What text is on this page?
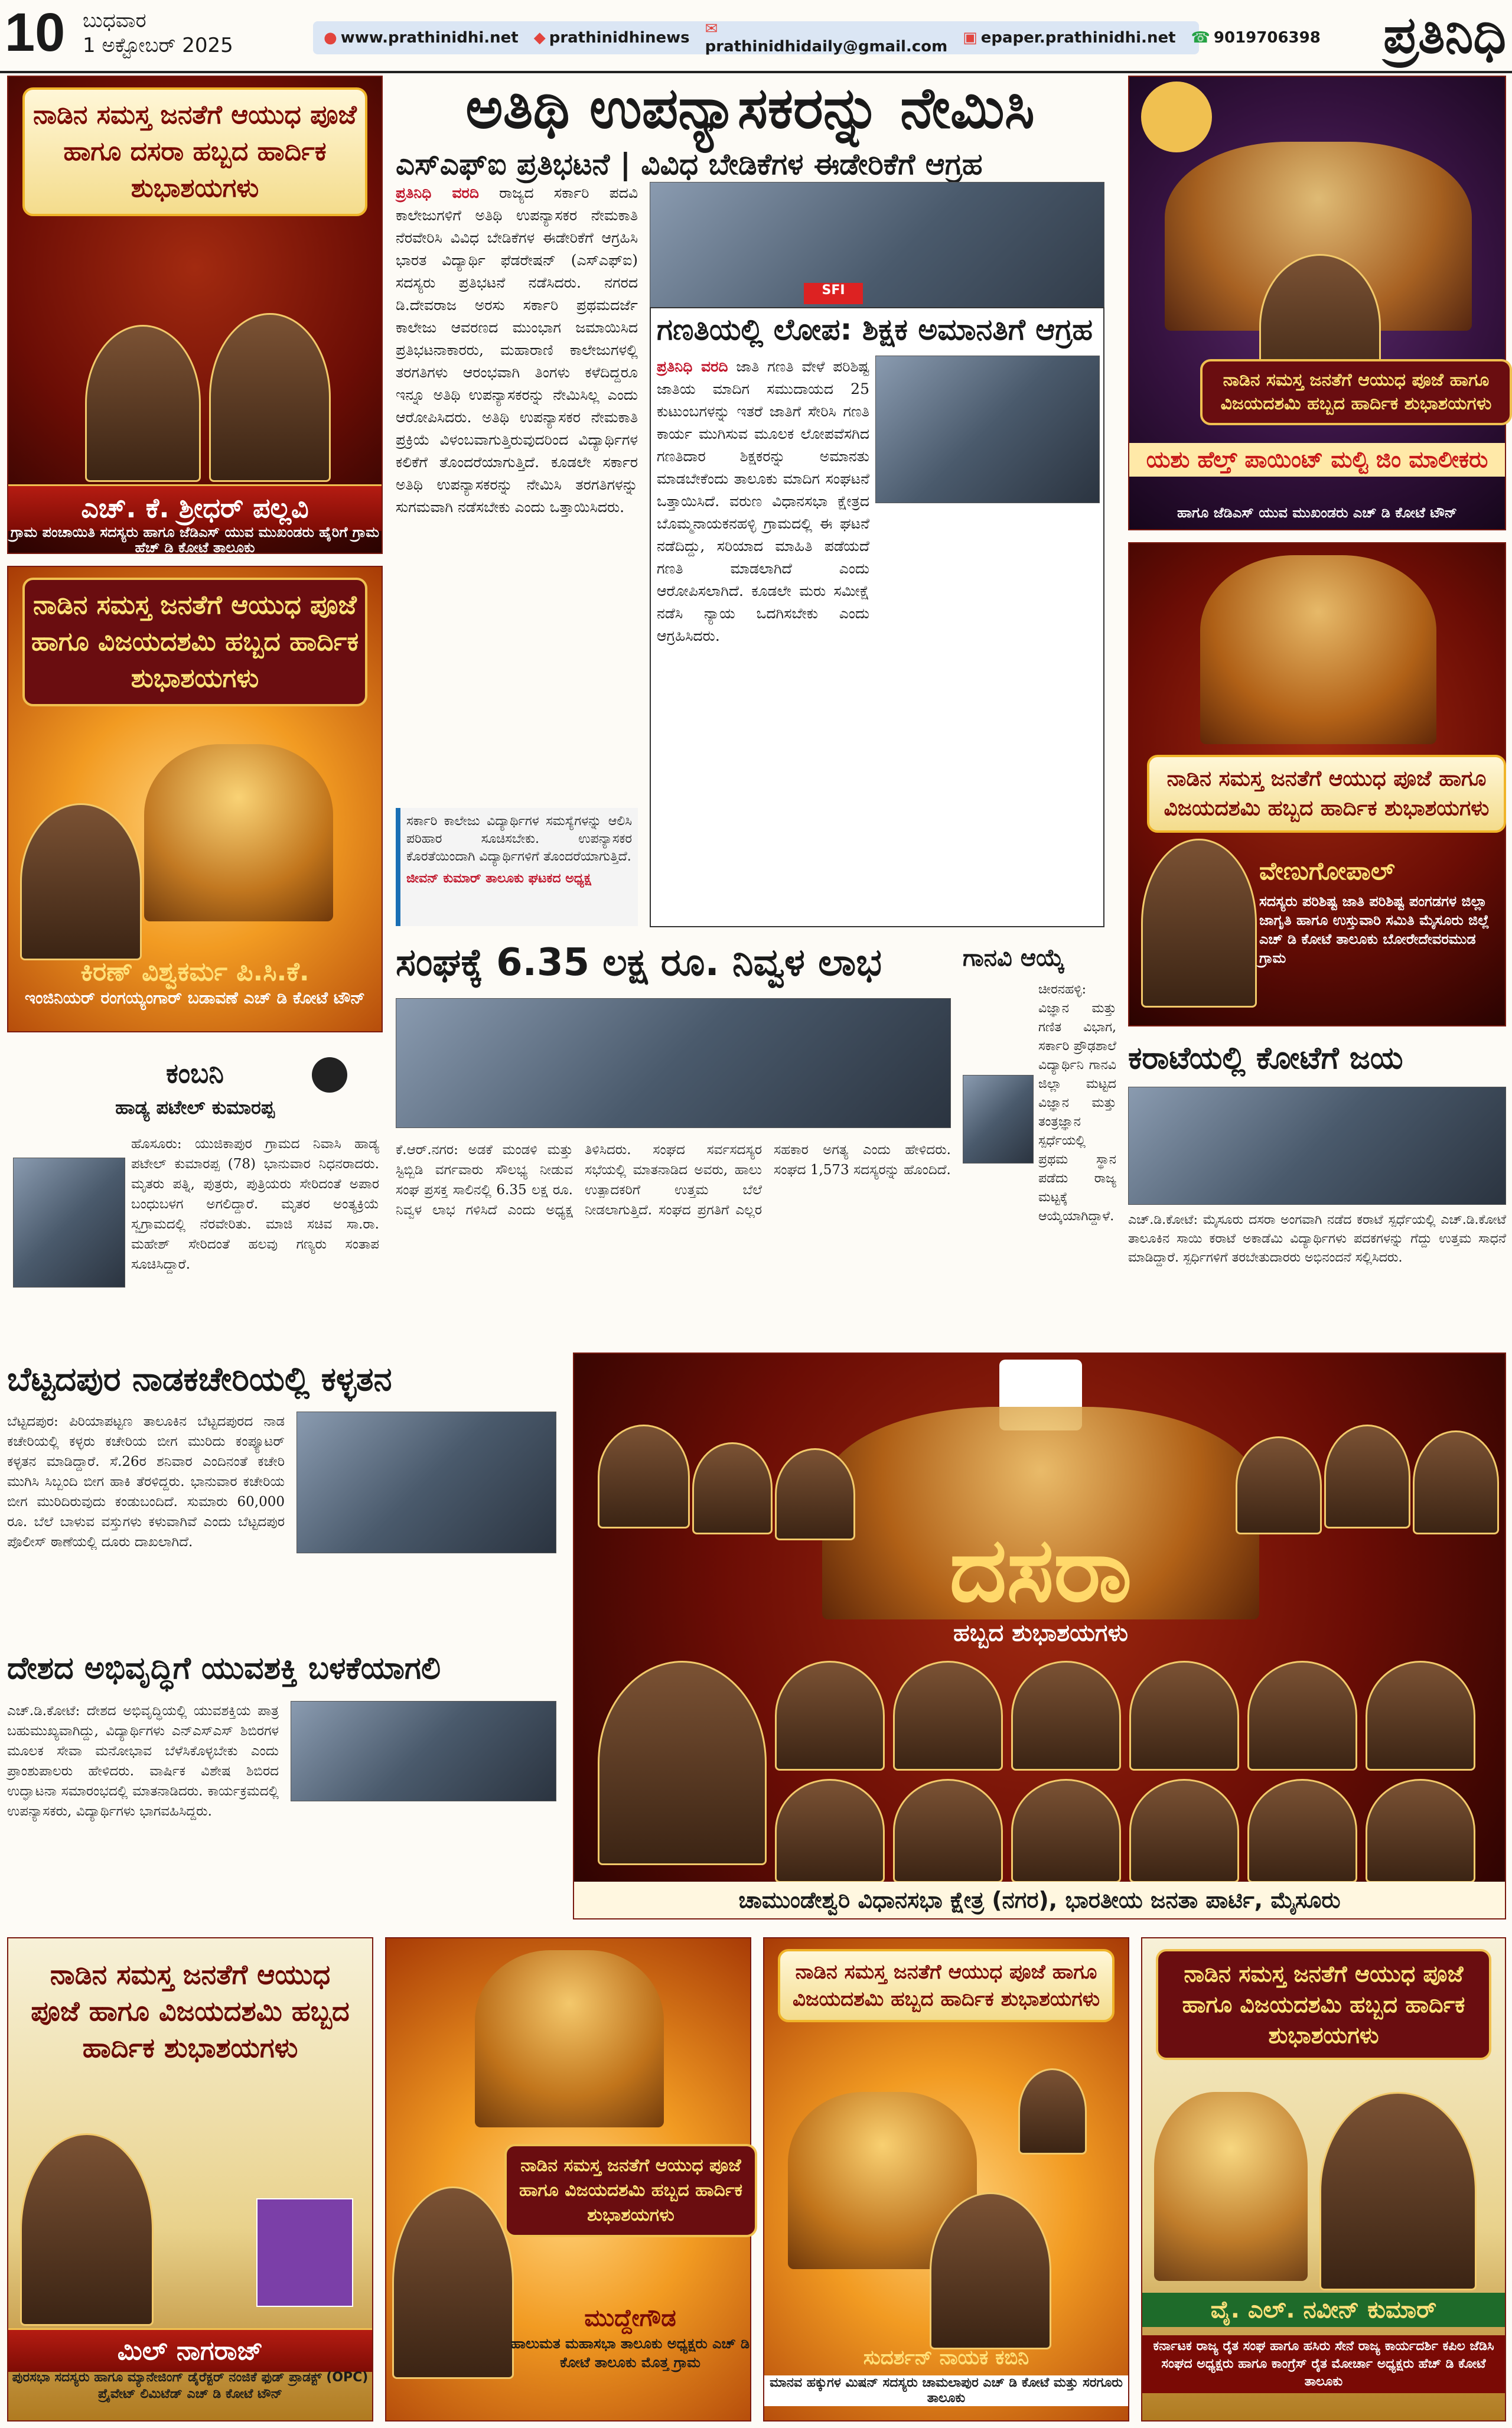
10 ಬುಧವಾರ
1 ಅಕ್ಟೋಬರ್ 2025	● www.prathinidhi.net ◆ prathinidhinews ✉prathinidhidaily@gmail.com ▣ epaper.prathinidhi.net ☎ 9019706398	ಪ್ರತಿನಿಧಿ
ನಾಡಿನ ಸಮಸ್ತ ಜನತೆಗೆ ಆಯುಧ ಪೂಜೆ ಹಾಗೂ ದಸರಾ ಹಬ್ಬದ ಹಾರ್ದಿಕ ಶುಭಾಶಯಗಳು
ಎಚ್. ಕೆ. ಶ್ರೀಧರ್ ಪಲ್ಲವಿ
ಗ್ರಾಮ ಪಂಚಾಯಿತಿ ಸದಸ್ಯರು ಹಾಗೂ ಜೆಡಿಎಸ್ ಯುವ ಮುಖಂಡರು ಹೈರಿಗೆ ಗ್ರಾಮ ಹೆಚ್ ಡಿ ಕೋಟೆ ತಾಲೂಕು
ನಾಡಿನ ಸಮಸ್ತ ಜನತೆಗೆ ಆಯುಧ ಪೂಜೆ ಹಾಗೂ ವಿಜಯದಶಮಿ ಹಬ್ಬದ ಹಾರ್ದಿಕ ಶುಭಾಶಯಗಳು
ಕಿರಣ್ ವಿಶ್ವಕರ್ಮ ಪಿ.ಸಿ.ಕೆ.
ಇಂಜಿನಿಯರ್ ರಂಗಯ್ಯಂಗಾರ್ ಬಡಾವಣೆ ಎಚ್ ಡಿ ಕೋಟೆ ಟೌನ್
ಅತಿಥಿ ಉಪನ್ಯಾಸಕರನ್ನು ನೇಮಿಸಿ
ಎಸ್‌ಎಫ್‌ಐ ಪ್ರತಿಭಟನೆ | ವಿವಿಧ ಬೇಡಿಕೆಗಳ ಈಡೇರಿಕೆಗೆ ಆಗ್ರಹ
ಪ್ರತಿನಿಧಿ ವರದಿ ರಾಜ್ಯದ ಸರ್ಕಾರಿ ಪದವಿ ಕಾಲೇಜುಗಳಿಗೆ ಅತಿಥಿ ಉಪನ್ಯಾಸಕರ ನೇಮಕಾತಿ ನೆರವೇರಿಸಿ ವಿವಿಧ ಬೇಡಿಕೆಗಳ ಈಡೇರಿಕೆಗೆ ಆಗ್ರಹಿಸಿ ಭಾರತ ವಿದ್ಯಾರ್ಥಿ ಫೆಡರೇಷನ್ (ಎಸ್‌ಎಫ್‌ಐ) ಸದಸ್ಯರು ಪ್ರತಿಭಟನೆ ನಡೆಸಿದರು. ನಗರದ ಡಿ.ದೇವರಾಜ ಅರಸು ಸರ್ಕಾರಿ ಪ್ರಥಮದರ್ಜೆ ಕಾಲೇಜು ಆವರಣದ ಮುಂಭಾಗ ಜಮಾಯಿಸಿದ ಪ್ರತಿಭಟನಾಕಾರರು, ಮಹಾರಾಣಿ ಕಾಲೇಜುಗಳಲ್ಲಿ ತರಗತಿಗಳು ಆರಂಭವಾಗಿ ತಿಂಗಳು ಕಳೆದಿದ್ದರೂ ಇನ್ನೂ ಅತಿಥಿ ಉಪನ್ಯಾಸಕರನ್ನು ನೇಮಿಸಿಲ್ಲ ಎಂದು ಆರೋಪಿಸಿದರು. ಅತಿಥಿ ಉಪನ್ಯಾಸಕರ ನೇಮಕಾತಿ ಪ್ರಕ್ರಿಯೆ ವಿಳಂಬವಾಗುತ್ತಿರುವುದರಿಂದ ವಿದ್ಯಾರ್ಥಿಗಳ ಕಲಿಕೆಗೆ ತೊಂದರೆಯಾಗುತ್ತಿದೆ. ಕೂಡಲೇ ಸರ್ಕಾರ ಅತಿಥಿ ಉಪನ್ಯಾಸಕರನ್ನು ನೇಮಿಸಿ ತರಗತಿಗಳನ್ನು ಸುಗಮವಾಗಿ ನಡೆಸಬೇಕು ಎಂದು ಒತ್ತಾಯಿಸಿದರು.
SFI
ಸರ್ಕಾರಿ ಕಾಲೇಜು ವಿದ್ಯಾರ್ಥಿಗಳ ಸಮಸ್ಯೆಗಳನ್ನು ಆಲಿಸಿ ಪರಿಹಾರ ಸೂಚಿಸಬೇಕು. ಉಪನ್ಯಾಸಕರ ಕೊರತೆಯಿಂದಾಗಿ ವಿದ್ಯಾರ್ಥಿಗಳಿಗೆ ತೊಂದರೆಯಾಗುತ್ತಿದೆ.
ಜೀವನ್ ಕುಮಾರ್ ತಾಲೂಕು ಘಟಕದ ಅಧ್ಯಕ್ಷ
ಗಣತಿಯಲ್ಲಿ ಲೋಪ: ಶಿಕ್ಷಕ ಅಮಾನತಿಗೆ ಆಗ್ರಹ
ಪ್ರತಿನಿಧಿ ವರದಿ ಜಾತಿ ಗಣತಿ ವೇಳೆ ಪರಿಶಿಷ್ಟ ಜಾತಿಯ ಮಾದಿಗ ಸಮುದಾಯದ 25 ಕುಟುಂಬಗಳನ್ನು ಇತರೆ ಜಾತಿಗೆ ಸೇರಿಸಿ ಗಣತಿ ಕಾರ್ಯ ಮುಗಿಸುವ ಮೂಲಕ ಲೋಪವೆಸಗಿದ ಗಣತಿದಾರ ಶಿಕ್ಷಕರನ್ನು ಅಮಾನತು ಮಾಡಬೇಕೆಂದು ತಾಲೂಕು ಮಾದಿಗ ಸಂಘಟನೆ ಒತ್ತಾಯಿಸಿದೆ. ವರುಣ ವಿಧಾನಸಭಾ ಕ್ಷೇತ್ರದ ಬೊಮ್ಮನಾಯಕನಹಳ್ಳಿ ಗ್ರಾಮದಲ್ಲಿ ಈ ಘಟನೆ ನಡೆದಿದ್ದು, ಸರಿಯಾದ ಮಾಹಿತಿ ಪಡೆಯದೆ ಗಣತಿ ಮಾಡಲಾಗಿದೆ ಎಂದು ಆರೋಪಿಸಲಾಗಿದೆ. ಕೂಡಲೇ ಮರು ಸಮೀಕ್ಷೆ ನಡೆಸಿ ನ್ಯಾಯ ಒದಗಿಸಬೇಕು ಎಂದು ಆಗ್ರಹಿಸಿದರು.
ನಾಡಿನ ಸಮಸ್ತ ಜನತೆಗೆ ಆಯುಧ ಪೂಜೆ ಹಾಗೂ ವಿಜಯದಶಮಿ ಹಬ್ಬದ ಹಾರ್ದಿಕ ಶುಭಾಶಯಗಳು
ಯಶು ಹೆಲ್ತ್ ಪಾಯಿಂಟ್ ಮಲ್ಟಿ ಜಿಂ ಮಾಲೀಕರು
ಹಾಗೂ ಜೆಡಿಎಸ್ ಯುವ ಮುಖಂಡರು ಎಚ್ ಡಿ ಕೋಟೆ ಟೌನ್
ನಾಡಿನ ಸಮಸ್ತ ಜನತೆಗೆ ಆಯುಧ ಪೂಜೆ ಹಾಗೂ ವಿಜಯದಶಮಿ ಹಬ್ಬದ ಹಾರ್ದಿಕ ಶುಭಾಶಯಗಳು
ವೇಣುಗೋಪಾಲ್
ಸದಸ್ಯರು ಪರಿಶಿಷ್ಟ ಜಾತಿ ಪರಿಶಿಷ್ಟ ಪಂಗಡಗಳ ಜಿಲ್ಲಾ ಜಾಗೃತಿ ಹಾಗೂ ಉಸ್ತುವಾರಿ ಸಮಿತಿ ಮೈಸೂರು ಜಿಲ್ಲೆ ಎಚ್ ಡಿ ಕೋಟೆ ತಾಲೂಕು ಬೋರೇದೇವರಮುಡ ಗ್ರಾಮ
ಕಂಬನಿ
ಹಾಡ್ಯ ಪಟೇಲ್ ಕುಮಾರಪ್ಪ
ಹೊಸೂರು: ಯುಜಿಕಾಪುರ ಗ್ರಾಮದ ನಿವಾಸಿ ಹಾಡ್ಯ ಪಟೇಲ್ ಕುಮಾರಪ್ಪ (78) ಭಾನುವಾರ ನಿಧನರಾದರು. ಮೃತರು ಪತ್ನಿ, ಪುತ್ರರು, ಪುತ್ರಿಯರು ಸೇರಿದಂತೆ ಅಪಾರ ಬಂಧುಬಳಗ ಅಗಲಿದ್ದಾರೆ. ಮೃತರ ಅಂತ್ಯಕ್ರಿಯೆ ಸ್ವಗ್ರಾಮದಲ್ಲಿ ನೆರವೇರಿತು. ಮಾಜಿ ಸಚಿವ ಸಾ.ರಾ. ಮಹೇಶ್ ಸೇರಿದಂತೆ ಹಲವು ಗಣ್ಯರು ಸಂತಾಪ ಸೂಚಿಸಿದ್ದಾರೆ.
ಸಂಘಕ್ಕೆ 6.35 ಲಕ್ಷ ರೂ. ನಿವ್ವಳ ಲಾಭ
ಕೆ.ಆರ್.ನಗರ: ಅಡಕೆ ಮಂಡಳಿ ಮತ್ತು ಸ್ಟಿಬ್ಬಿಡಿ ವರ್ಗವಾರು ಸೌಲಭ್ಯ ನೀಡುವ ಸಂಘ ಪ್ರಸಕ್ತ ಸಾಲಿನಲ್ಲಿ 6.35 ಲಕ್ಷ ರೂ. ನಿವ್ವಳ ಲಾಭ ಗಳಿಸಿದೆ ಎಂದು ಅಧ್ಯಕ್ಷ ತಿಳಿಸಿದರು. ಸಂಘದ ಸರ್ವಸದಸ್ಯರ ಸಭೆಯಲ್ಲಿ ಮಾತನಾಡಿದ ಅವರು, ಹಾಲು ಉತ್ಪಾದಕರಿಗೆ ಉತ್ತಮ ಬೆಲೆ ನೀಡಲಾಗುತ್ತಿದೆ. ಸಂಘದ ಪ್ರಗತಿಗೆ ಎಲ್ಲರ ಸಹಕಾರ ಅಗತ್ಯ ಎಂದು ಹೇಳಿದರು. ಸಂಘದ 1,573 ಸದಸ್ಯರನ್ನು ಹೊಂದಿದೆ.
ಗಾನವಿ ಆಯ್ಕೆ
ಚೀರನಹಳ್ಳಿ: ವಿಜ್ಞಾನ ಮತ್ತು ಗಣಿತ ವಿಭಾಗ, ಸರ್ಕಾರಿ ಪ್ರೌಢಶಾಲೆ ವಿದ್ಯಾರ್ಥಿನಿ ಗಾನವಿ ಜಿಲ್ಲಾ ಮಟ್ಟದ ವಿಜ್ಞಾನ ಮತ್ತು ತಂತ್ರಜ್ಞಾನ ಸ್ಪರ್ಧೆಯಲ್ಲಿ ಪ್ರಥಮ ಸ್ಥಾನ ಪಡೆದು ರಾಜ್ಯ ಮಟ್ಟಕ್ಕೆ ಆಯ್ಕೆಯಾಗಿದ್ದಾಳೆ.
ಕರಾಟೆಯಲ್ಲಿ ಕೋಟೆಗೆ ಜಯ
ಎಚ್.ಡಿ.ಕೋಟೆ: ಮೈಸೂರು ದಸರಾ ಅಂಗವಾಗಿ ನಡೆದ ಕರಾಟೆ ಸ್ಪರ್ಧೆಯಲ್ಲಿ ಎಚ್.ಡಿ.ಕೋಟೆ ತಾಲೂಕಿನ ಸಾಯಿ ಕರಾಟೆ ಅಕಾಡೆಮಿ ವಿದ್ಯಾರ್ಥಿಗಳು ಪದಕಗಳನ್ನು ಗೆದ್ದು ಉತ್ತಮ ಸಾಧನೆ ಮಾಡಿದ್ದಾರೆ. ಸ್ಪರ್ಧಿಗಳಿಗೆ ತರಬೇತುದಾರರು ಅಭಿನಂದನೆ ಸಲ್ಲಿಸಿದರು.
ಬೆಟ್ಟದಪುರ ನಾಡಕಚೇರಿಯಲ್ಲಿ ಕಳ್ಳತನ
ಬೆಟ್ಟದಪುರ: ಪಿರಿಯಾಪಟ್ಟಣ ತಾಲೂಕಿನ ಬೆಟ್ಟದಪುರದ ನಾಡ ಕಚೇರಿಯಲ್ಲಿ ಕಳ್ಳರು ಕಚೇರಿಯ ಬೀಗ ಮುರಿದು ಕಂಪ್ಯೂಟರ್ ಕಳ್ಳತನ ಮಾಡಿದ್ದಾರೆ. ಸೆ.26ರ ಶನಿವಾರ ಎಂದಿನಂತೆ ಕಚೇರಿ ಮುಗಿಸಿ ಸಿಬ್ಬಂದಿ ಬೀಗ ಹಾಕಿ ತೆರಳಿದ್ದರು. ಭಾನುವಾರ ಕಚೇರಿಯ ಬೀಗ ಮುರಿದಿರುವುದು ಕಂಡುಬಂದಿದೆ. ಸುಮಾರು 60,000 ರೂ. ಬೆಲೆ ಬಾಳುವ ವಸ್ತುಗಳು ಕಳುವಾಗಿವೆ ಎಂದು ಬೆಟ್ಟದಪುರ ಪೊಲೀಸ್ ಠಾಣೆಯಲ್ಲಿ ದೂರು ದಾಖಲಾಗಿದೆ.
ದೇಶದ ಅಭಿವೃದ್ಧಿಗೆ ಯುವಶಕ್ತಿ ಬಳಕೆಯಾಗಲಿ
ಎಚ್.ಡಿ.ಕೋಟೆ: ದೇಶದ ಅಭಿವೃದ್ಧಿಯಲ್ಲಿ ಯುವಶಕ್ತಿಯ ಪಾತ್ರ ಬಹುಮುಖ್ಯವಾಗಿದ್ದು, ವಿದ್ಯಾರ್ಥಿಗಳು ಎನ್‌ಎಸ್‌ಎಸ್ ಶಿಬಿರಗಳ ಮೂಲಕ ಸೇವಾ ಮನೋಭಾವ ಬೆಳೆಸಿಕೊಳ್ಳಬೇಕು ಎಂದು ಪ್ರಾಂಶುಪಾಲರು ಹೇಳಿದರು. ವಾರ್ಷಿಕ ವಿಶೇಷ ಶಿಬಿರದ ಉದ್ಘಾಟನಾ ಸಮಾರಂಭದಲ್ಲಿ ಮಾತನಾಡಿದರು. ಕಾರ್ಯಕ್ರಮದಲ್ಲಿ ಉಪನ್ಯಾಸಕರು, ವಿದ್ಯಾರ್ಥಿಗಳು ಭಾಗವಹಿಸಿದ್ದರು.
ದಸರಾ
ಹಬ್ಬದ ಶುಭಾಶಯಗಳು
ಚಾಮುಂಡೇಶ್ವರಿ ವಿಧಾನಸಭಾ ಕ್ಷೇತ್ರ (ನಗರ), ಭಾರತೀಯ ಜನತಾ ಪಾರ್ಟಿ, ಮೈಸೂರು
ನಾಡಿನ ಸಮಸ್ತ ಜನತೆಗೆ ಆಯುಧ ಪೂಜೆ ಹಾಗೂ ವಿಜಯದಶಮಿ ಹಬ್ಬದ ಹಾರ್ದಿಕ ಶುಭಾಶಯಗಳು
ಮಿಲ್ ನಾಗರಾಜ್
ಪುರಸಭಾ ಸದಸ್ಯರು ಹಾಗೂ ಮ್ಯಾನೇಜಿಂಗ್ ಡೈರೆಕ್ಟರ್ ನಂಜಿಕೆ ಫುಡ್ ಪ್ರಾಡಕ್ಟ್ (OPC) ಪ್ರೈವೇಟ್ ಲಿಮಿಟೆಡ್ ಎಚ್ ಡಿ ಕೋಟೆ ಟೌನ್
ನಾಡಿನ ಸಮಸ್ತ ಜನತೆಗೆ ಆಯುಧ ಪೂಜೆ ಹಾಗೂ ವಿಜಯದಶಮಿ ಹಬ್ಬದ ಹಾರ್ದಿಕ ಶುಭಾಶಯಗಳು
ಮುದ್ದೇಗೌಡ
ಹಾಲುಮತ ಮಹಾಸಭಾ ತಾಲೂಕು ಅಧ್ಯಕ್ಷರು ಎಚ್ ಡಿ ಕೋಟೆ ತಾಲೂಕು ಮೊತ್ತ ಗ್ರಾಮ
ನಾಡಿನ ಸಮಸ್ತ ಜನತೆಗೆ ಆಯುಧ ಪೂಜೆ ಹಾಗೂ ವಿಜಯದಶಮಿ ಹಬ್ಬದ ಹಾರ್ದಿಕ ಶುಭಾಶಯಗಳು
ಸುದರ್ಶನ್ ನಾಯಕ ಕಬಿನಿ
ಮಾನವ ಹಕ್ಕುಗಳ ಮಿಷನ್ ಸದಸ್ಯರು ಚಾಮಲಾಪುರ ಎಚ್ ಡಿ ಕೋಟೆ ಮತ್ತು ಸರಗೂರು ತಾಲೂಕು
ನಾಡಿನ ಸಮಸ್ತ ಜನತೆಗೆ ಆಯುಧ ಪೂಜೆ ಹಾಗೂ ವಿಜಯದಶಮಿ ಹಬ್ಬದ ಹಾರ್ದಿಕ ಶುಭಾಶಯಗಳು
ವೈ. ಎಲ್. ನವೀನ್ ಕುಮಾರ್
ಕರ್ನಾಟಕ ರಾಜ್ಯ ರೈತ ಸಂಘ ಹಾಗೂ ಹಸಿರು ಸೇನೆ ರಾಜ್ಯ ಕಾರ್ಯದರ್ಶಿ ಕಪಿಲ ಜೆಡಿಸಿ ಸಂಘದ ಅಧ್ಯಕ್ಷರು ಹಾಗೂ ಕಾಂಗ್ರೆಸ್ ರೈತ ಮೋರ್ಚಾ ಅಧ್ಯಕ್ಷರು ಹೆಚ್ ಡಿ ಕೋಟೆ ತಾಲೂಕು
